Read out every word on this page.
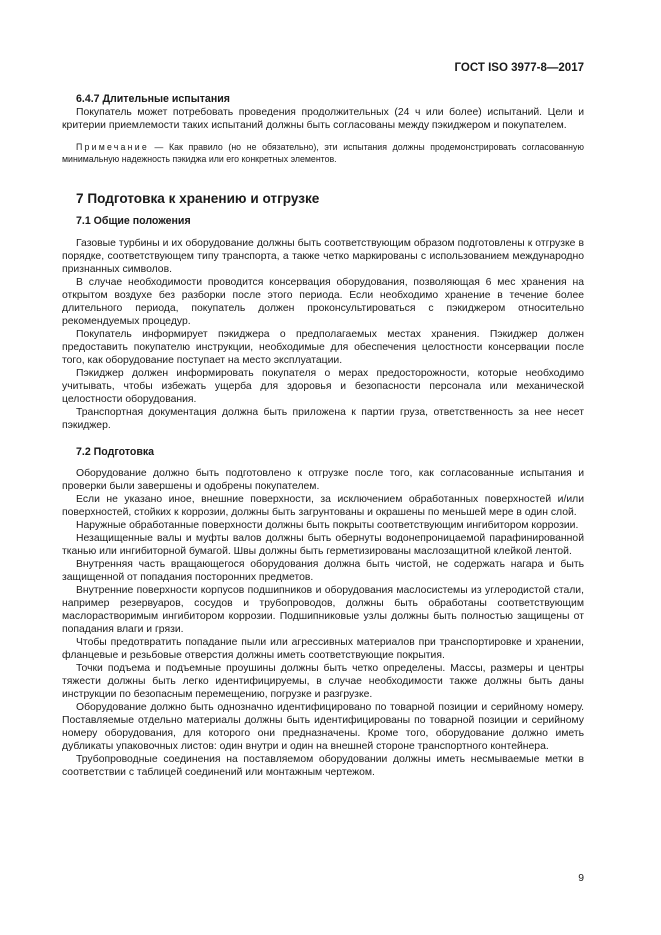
ГОСТ ISO 3977-8—2017
6.4.7 Длительные испытания

Покупатель может потребовать проведения продолжительных (24 ч или более) испытаний. Цели и критерии приемлемости таких испытаний должны быть согласованы между пэкиджером и покупателем.

Примечание — Как правило (но не обязательно), эти испытания должны продемонстрировать согласованную минимальную надежность пэкиджа или его конкретных элементов.
7 Подготовка к хранению и отгрузке
7.1 Общие положения

Газовые турбины и их оборудование должны быть соответствующим образом подготовлены к отгрузке в порядке, соответствующем типу транспорта, а также четко маркированы с использованием международно признанных символов.

В случае необходимости проводится консервация оборудования, позволяющая 6 мес хранения на открытом воздухе без разборки после этого периода. Если необходимо хранение в течение более длительного периода, покупатель должен проконсультироваться с пэкиджером относительно рекомендуемых процедур.

Покупатель информирует пэкиджера о предполагаемых местах хранения. Пэкиджер должен предоставить покупателю инструкции, необходимые для обеспечения целостности консервации после того, как оборудование поступает на место эксплуатации.

Пэкиджер должен информировать покупателя о мерах предосторожности, которые необходимо учитывать, чтобы избежать ущерба для здоровья и безопасности персонала или механической целостности оборудования.

Транспортная документация должна быть приложена к партии груза, ответственность за нее несет пэкиджер.

7.2 Подготовка

Оборудование должно быть подготовлено к отгрузке после того, как согласованные испытания и проверки были завершены и одобрены покупателем.

Если не указано иное, внешние поверхности, за исключением обработанных поверхностей и/или поверхностей, стойких к коррозии, должны быть загрунтованы и окрашены по меньшей мере в один слой.

Наружные обработанные поверхности должны быть покрыты соответствующим ингибитором коррозии.

Незащищенные валы и муфты валов должны быть обернуты водонепроницаемой парафинированной тканью или ингибиторной бумагой. Швы должны быть герметизированы маслозащитной клейкой лентой.

Внутренняя часть вращающегося оборудования должна быть чистой, не содержать нагара и быть защищенной от попадания посторонних предметов.

Внутренние поверхности корпусов подшипников и оборудования маслосистемы из углеродистой стали, например резервуаров, сосудов и трубопроводов, должны быть обработаны соответствующим маслорастворимым ингибитором коррозии. Подшипниковые узлы должны быть полностью защищены от попадания влаги и грязи.

Чтобы предотвратить попадание пыли или агрессивных материалов при транспортировке и хранении, фланцевые и резьбовые отверстия должны иметь соответствующие покрытия.

Точки подъема и подъемные проушины должны быть четко определены. Массы, размеры и центры тяжести должны быть легко идентифицируемы, в случае необходимости также должны быть даны инструкции по безопасным перемещению, погрузке и разгрузке.

Оборудование должно быть однозначно идентифицировано по товарной позиции и серийному номеру. Поставляемые отдельно материалы должны быть идентифицированы по товарной позиции и серийному номеру оборудования, для которого они предназначены. Кроме того, оборудование должно иметь дубликаты упаковочных листов: один внутри и один на внешней стороне транспортного контейнера.

Трубопроводные соединения на поставляемом оборудовании должны иметь несмываемые метки в соответствии с таблицей соединений или монтажным чертежом.

9
